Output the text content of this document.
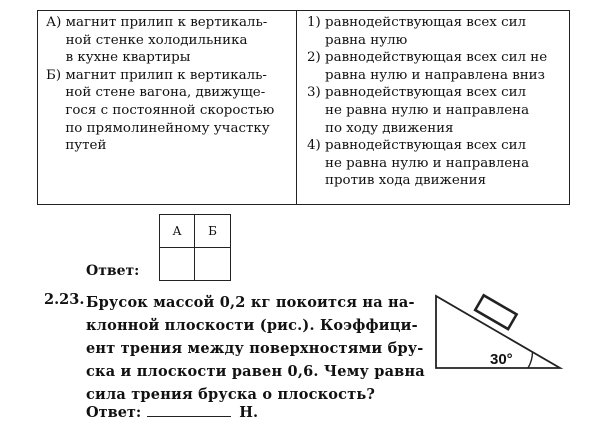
А) магнит прилип к вертикаль-
ной стенке холодильника
в кухне квартиры
Б) магнит прилип к вертикаль-
ной стене вагона, движуще-
гося с постоянной скоростью
по прямолинейному участку
путей
1) равнодействующая всех сил
равна нулю
2) равнодействующая всех сил не
равна нулю и направлена вниз
3) равнодействующая всех сил
не равна нулю и направлена
по ходу движения
4) равнодействующая всех сил
не равна нулю и направлена
против хода движения
А	Б
Ответ:
2.23. Брусок массой 0,2 кг покоится на на-
клонной плоскости (рис.). Коэффици-
ент трения между поверхностями бру-
ска и плоскости равен 0,6. Чему равна
сила трения бруска о плоскость?
Ответ:	Н.
30°
